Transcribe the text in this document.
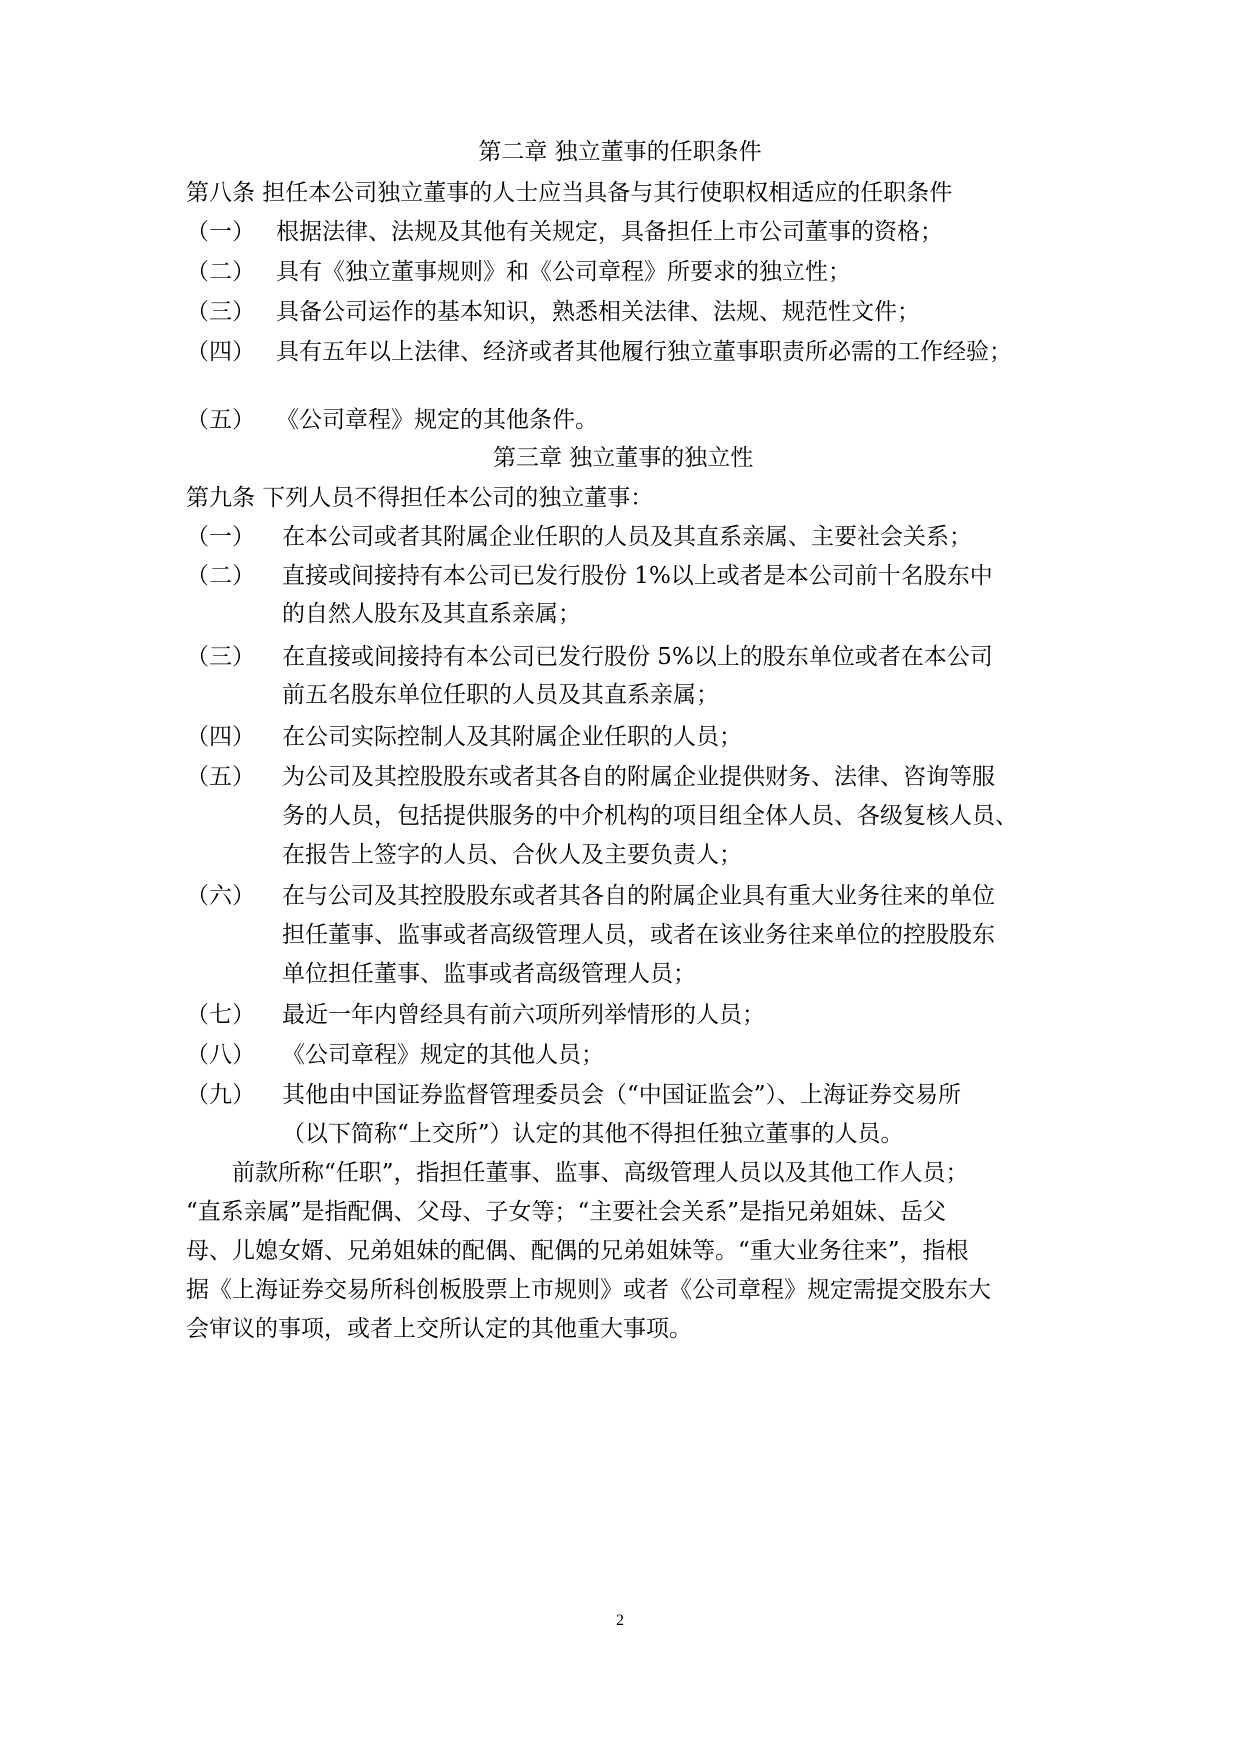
第二章 独立董事的任职条件
第八条 担任本公司独立董事的人士应当具备与其行使职权相适应的任职条件
（一） 根据法律、法规及其他有关规定，具备担任上市公司董事的资格；
（二） 具有《独立董事规则》和《公司章程》所要求的独立性；
（三） 具备公司运作的基本知识，熟悉相关法律、法规、规范性文件；
（四） 具有五年以上法律、经济或者其他履行独立董事职责所必需的工作经验；
（五） 《公司章程》规定的其他条件。
第三章 独立董事的独立性
第九条 下列人员不得担任本公司的独立董事：
（一） 在本公司或者其附属企业任职的人员及其直系亲属、主要社会关系；
（二） 直接或间接持有本公司已发行股份 1%以上或者是本公司前十名股东中
的自然人股东及其直系亲属；
（三） 在直接或间接持有本公司已发行股份 5%以上的股东单位或者在本公司
前五名股东单位任职的人员及其直系亲属；
（四） 在公司实际控制人及其附属企业任职的人员；
（五） 为公司及其控股股东或者其各自的附属企业提供财务、法律、咨询等服
务的人员，包括提供服务的中介机构的项目组全体人员、各级复核人员、
在报告上签字的人员、合伙人及主要负责人；
（六） 在与公司及其控股股东或者其各自的附属企业具有重大业务往来的单位
担任董事、监事或者高级管理人员，或者在该业务往来单位的控股股东
单位担任董事、监事或者高级管理人员；
（七） 最近一年内曾经具有前六项所列举情形的人员；
（八） 《公司章程》规定的其他人员；
（九） 其他由中国证券监督管理委员会（“中国证监会”）、上海证券交易所
（以下简称“上交所”）认定的其他不得担任独立董事的人员。
前款所称“任职”，指担任董事、监事、高级管理人员以及其他工作人员；
“直系亲属”是指配偶、父母、子女等；“主要社会关系”是指兄弟姐妹、岳父
母、儿媳女婿、兄弟姐妹的配偶、配偶的兄弟姐妹等。“重大业务往来”，指根
据《上海证券交易所科创板股票上市规则》或者《公司章程》规定需提交股东大
会审议的事项，或者上交所认定的其他重大事项。
2
